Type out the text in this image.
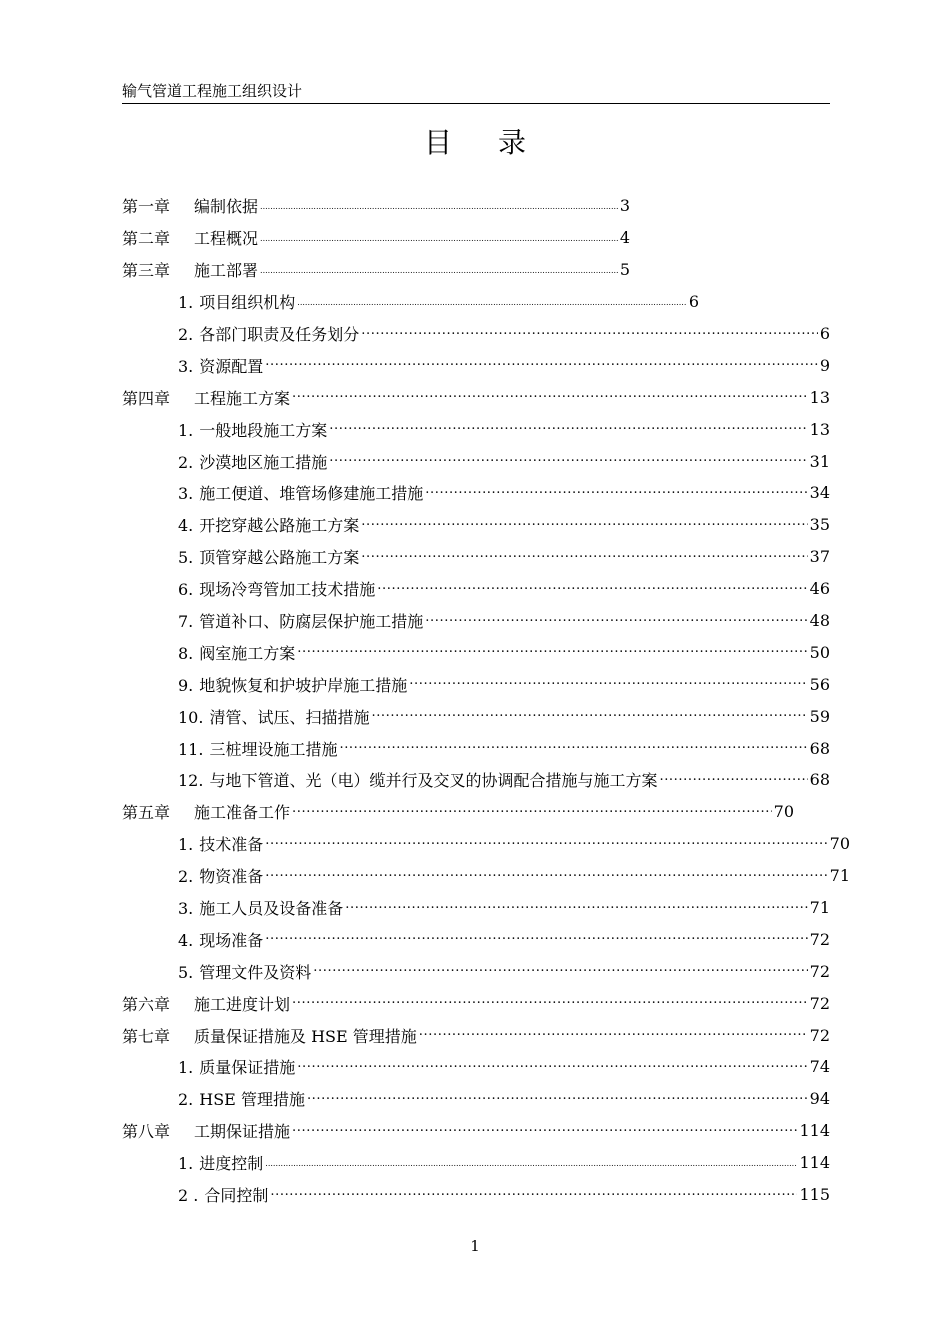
输气管道工程施工组织设计
目录
第一章 编制依据 .....	3
第二章 工程概况 .....	4
第三章 施工部署 .....	5
1. 项目组织机构 .....	6
2. 各部门职责及任务划分 .....	6
3. 资源配置 .....	9
第四章 工程施工方案 .....	13
1. 一般地段施工方案 .....	13
2. 沙漠地区施工措施 .....	31
3. 施工便道、堆管场修建施工措施 .....	34
4. 开挖穿越公路施工方案 .....	35
5. 顶管穿越公路施工方案 .....	37
6. 现场冷弯管加工技术措施 .....	46
7. 管道补口、防腐层保护施工措施 .....	48
8. 阀室施工方案 .....	50
9. 地貌恢复和护坡护岸施工措施 .....	56
10. 清管、试压、扫描措施 .....	59
11. 三桩埋设施工措施 .....	68
12. 与地下管道、光（电）缆并行及交叉的协调配合措施与施工方案 .....	68
第五章 施工准备工作 .....	70
1. 技术准备 .....	70
2. 物资准备 .....	71
3. 施工人员及设备准备 .....	71
4. 现场准备 .....	72
5. 管理文件及资料 .....	72
第六章 施工进度计划 .....	72
第七章 质量保证措施及 HSE 管理措施 .....	72
1. 质量保证措施 .....	74
2. HSE 管理措施 .....	94
第八章 工期保证措施 .....	114
1. 进度控制 .....	114
2 . 合同控制 .....	115
1
